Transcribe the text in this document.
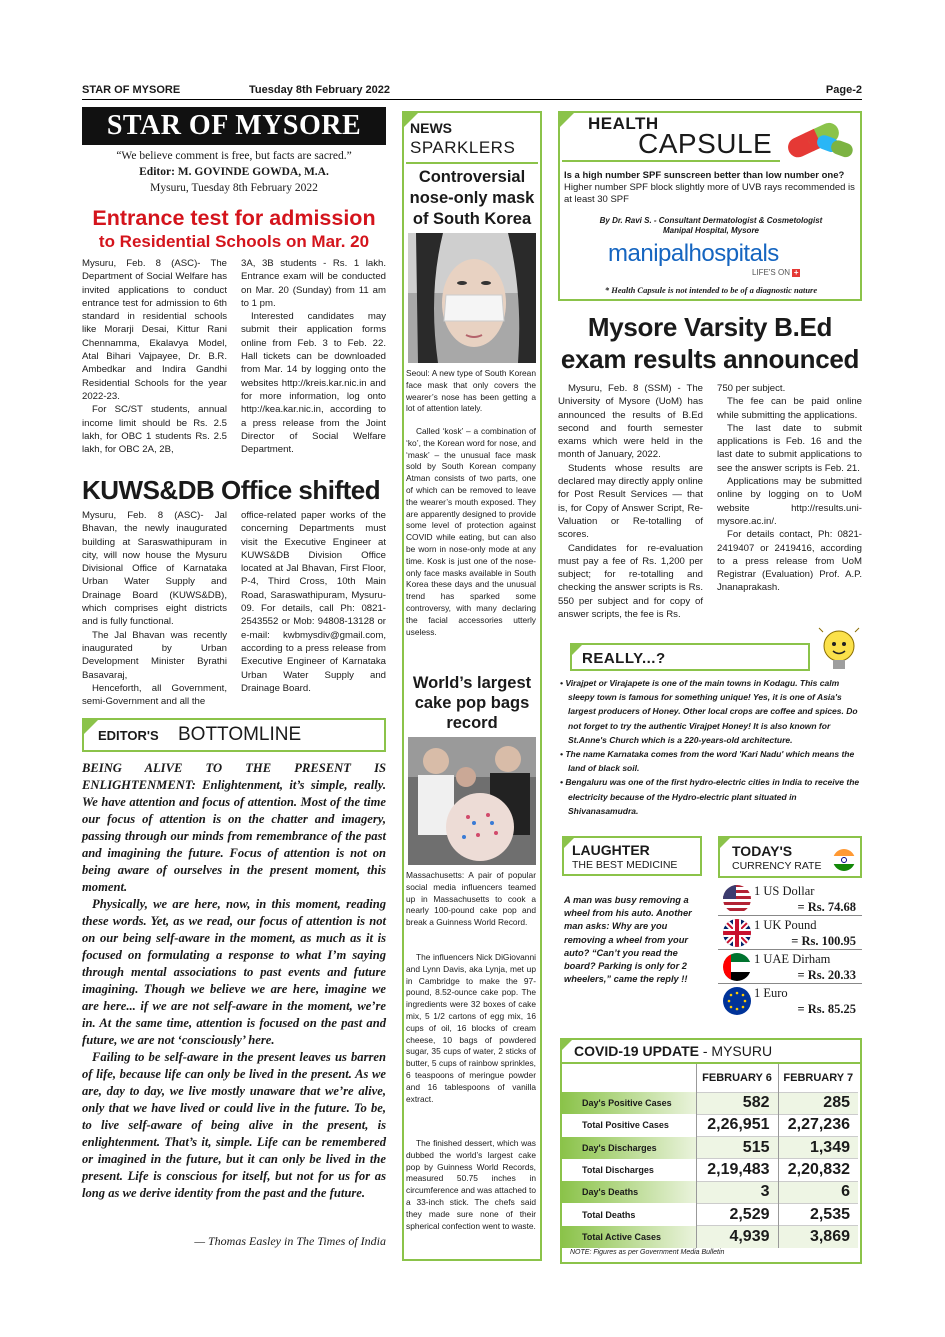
STAR OF MYSORE	Tuesday 8th February 2022	Page-2
STAR OF MYSORE
“We believe comment is free, but facts are sacred.”
Editor: M. GOVINDE GOWDA, M.A.
Mysuru, Tuesday 8th February 2022
Entrance test for admission
to Residential Schools on Mar. 20

Mysuru, Feb. 8 (ASC)- The Department of Social Welfare has invited applications to conduct entrance test for admission to 6th standard in residential schools like Morarji Desai, Kittur Rani Chennamma, Ekalavya Model, Atal Bihari Vajpayee, Dr. B.R. Ambedkar and Indira Gandhi Residential Schools for the year 2022-23.

For SC/ST students, annual income limit should be Rs. 2.5 lakh, for OBC 1 students Rs. 2.5 lakh, for OBC 2A, 2B,

3A, 3B students - Rs. 1 lakh. Entrance exam will be conducted on Mar. 20 (Sunday) from 11 am to 1 pm.

Interested candidates may submit their application forms online from Feb. 3 to Feb. 22. Hall tickets can be downloaded from Mar. 14 by logging onto the websites http://kreis.kar.nic.in and for more information, log onto http://kea.kar.nic.in, according to a press release from the Joint Director of Social Welfare Department.

KUWS&DB Office shifted

Mysuru, Feb. 8 (ASC)- Jal Bhavan, the newly inaugurated building at Saraswathipuram in city, will now house the Mysuru Divisional Office of Karnataka Urban Water Supply and Drainage Board (KUWS&DB), which comprises eight districts and is fully functional.

The Jal Bhavan was recently inaugurated by Urban Development Minister Byrathi Basavaraj,

Henceforth, all Government, semi-Government and all the

office-related paper works of the concerning Departments must visit the Executive Engineer at KUWS&DB Division Office located at Jal Bhavan, First Floor, P-4, Third Cross, 10th Main Road, Saraswathipuram, Mysuru-09. For details, call Ph: 0821-2543552 or Mob: 94808-13128 or e-mail: kwbmysdiv@gmail.com, according to a press release from Executive Engineer of Karnataka Urban Water Supply and Drainage Board.

EDITOR'S BOTTOMLINE

BEING ALIVE TO THE PRESENT IS ENLIGHTENMENT: Enlightenment, it’s simple, really. We have attention and focus of attention. Most of the time our focus of attention is on the chatter and imagery, passing through our minds from remembrance of the past and imagining the future. Focus of attention is not on being aware of ourselves in the present moment, this moment.

Physically, we are here, now, in this moment, reading these words. Yet, as we read, our focus of attention is not on our being self-aware in the moment, as much as it is focused on formulating a response to what I’m saying through mental associations to past events and future imagining. Though we believe we are here, imagine we are here... if we are not self-aware in the moment, we’re in. At the same time, attention is focused on the past and future, we are not ‘consciously’ here.

Failing to be self-aware in the present leaves us barren of life, because life can only be lived in the present. As we are, day to day, we live mostly unaware that we’re alive, only that we have lived or could live in the future. To be, to live self-aware of being alive in the present, is enlightenment. That’s it, simple. Life can be remembered or imagined in the future, but it can only be lived in the present. Life is conscious for itself, but not for us for as long as we derive identity from the past and the future.

— Thomas Easley in The Times of India
NEWS
SPARKLERS
Controversial nose-only mask of South Korea
Seoul: A new type of South Korean face mask that only covers the wearer’s nose has been getting a lot of attention lately.
Called ‘kosk’ – a combination of ‘ko’, the Korean word for nose, and ‘mask’ – the unusual face mask sold by South Korean company Atman consists of two parts, one of which can be removed to leave the wearer’s mouth exposed. They are apparently designed to provide some level of protection against COVID while eating, but can also be worn in nose-only mode at any time. Kosk is just one of the nose-only face masks available in South Korea these days and the unusual trend has sparked some controversy, with many declaring the facial accessories utterly useless.
World’s largest cake pop bags record
Massachusetts: A pair of popular social media influencers teamed up in Massachusetts to cook a nearly 100-pound cake pop and break a Guinness World Record.
The influencers Nick DiGiovanni and Lynn Davis, aka Lynja, met up in Cambridge to make the 97-pound, 8.52-ounce cake pop. The ingredients were 32 boxes of cake mix, 5 1/2 cartons of egg mix, 16 cups of oil, 16 blocks of cream cheese, 10 bags of powdered sugar, 35 cups of water, 2 sticks of butter, 5 cups of rainbow sprinkles, 6 teaspoons of meringue powder and 16 tablespoons of vanilla extract.
The finished dessert, which was dubbed the world’s largest cake pop by Guinness World Records, measured 50.75 inches in circumference and was attached to a 33-inch stick. The chefs said they made sure none of their spherical confection went to waste.
HEALTH
CAPSULE
Is a high number SPF sunscreen better than low number one?
Higher number SPF block slightly more of UVB rays recommended is at least 30 SPF
By Dr. Ravi S. - Consultant Dermatologist & Cosmetologist
Manipal Hospital, Mysore
manipalhospitals
LIFE'S ON +
* Health Capsule is not intended to be of a diagnostic nature
Mysore Varsity B.Ed exam results announced

Mysuru, Feb. 8 (SSM) - The University of Mysore (UoM) has announced the results of B.Ed second and fourth semester exams which were held in the month of January, 2022.

Students whose results are declared may directly apply online for Post Result Services — that is, for Copy of Answer Script, Re-Valuation or Re-totalling of scores.

Candidates for re-evaluation must pay a fee of Rs. 1,200 per subject; for re-totalling and checking the answer scripts is Rs. 550 per subject and for copy of answer scripts, the fee is Rs.

750 per subject.

The fee can be paid online while submitting the applications.

The last date to submit applications is Feb. 16 and the last date to submit applications to see the answer scripts is Feb. 21.

Applications may be submitted online by logging on to UoM website http://results.uni-mysore.ac.in/.

For details contact, Ph: 0821-2419407 or 2419416, according to a press release from UoM Registrar (Evaluation) Prof. A.P. Jnanaprakash.

REALLY...?
• Virajpet or Virajapete is one of the main towns in Kodagu. This calm sleepy town is famous for something unique! Yes, it is one of Asia's largest producers of Honey. Other local crops are coffee and spices. Do not forget to try the authentic Virajpet Honey! It is also known for St.Anne's Church which is a 220-years-old architecture.
• The name Karnataka comes from the word 'Kari Nadu' which means the land of black soil.
• Bengaluru was one of the first hydro-electric cities in India to receive the electricity because of the Hydro-electric plant situated in Shivanasamudra.
LAUGHTER
THE BEST MEDICINE
A man was busy removing a wheel from his auto. Another man asks: Why are you removing a wheel from your auto? “Can’t you read the board? Parking is only for 2 wheelers,” came the reply !!
TODAY'S
CURRENCY RATE
1 US Dollar
= Rs. 74.68
1 UK Pound
= Rs. 100.95
1 UAE Dirham
= Rs. 20.33
1 Euro
= Rs. 85.25
COVID-19 UPDATE - MYSURU
	FEBRUARY 6	FEBRUARY 7
Day's Positive Cases	582	285
Total Positive Cases	2,26,951	2,27,236
Day's Discharges	515	1,349
Total Discharges	2,19,483	2,20,832
Day's Deaths	3	6
Total Deaths	2,529	2,535
Total Active Cases	4,939	3,869
NOTE: Figures as per Government Media Bulletin
